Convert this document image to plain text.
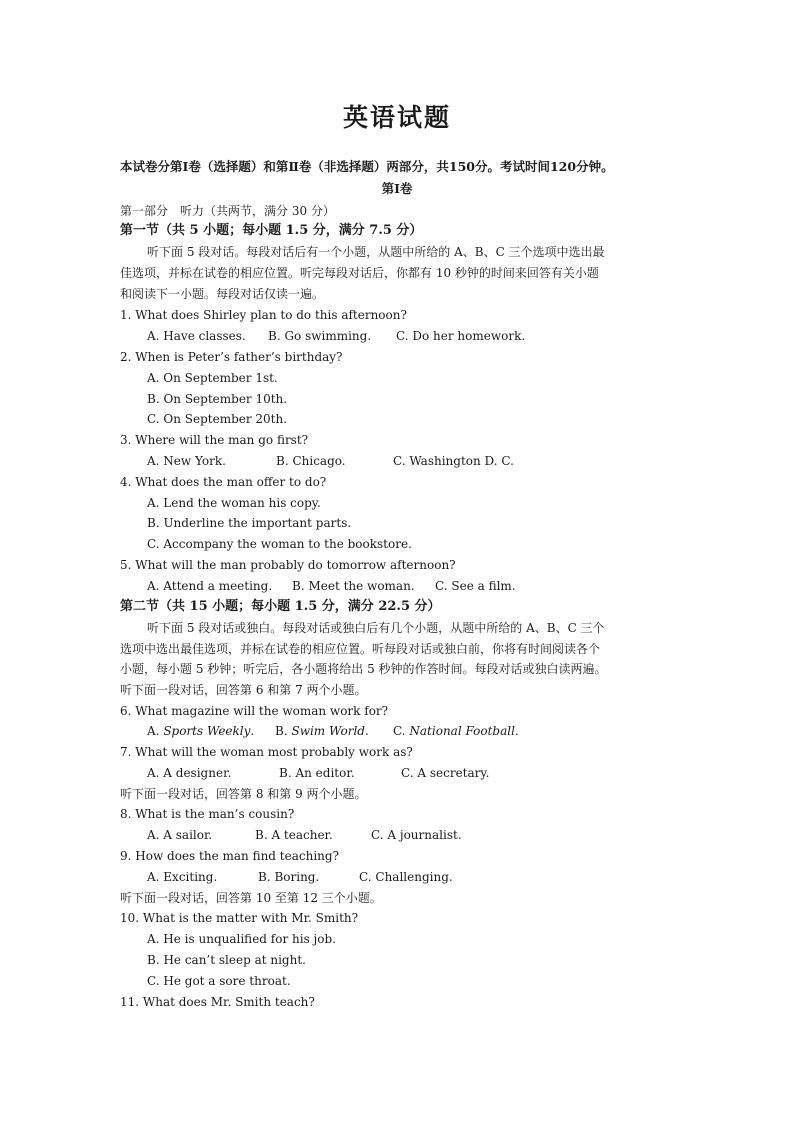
英语试题
本试卷分第Ⅰ卷（选择题）和第Ⅱ卷（非选择题）两部分，共150分。考试时间120分钟。
第Ⅰ卷
第一部分　听力（共两节，满分 30 分）
第一节（共 5 小题；每小题 1.5 分，满分 7.5 分）
听下面 5 段对话。每段对话后有一个小题，从题中所给的 A、B、C 三个选项中选出最
佳选项，并标在试卷的相应位置。听完每段对话后，你都有 10 秒钟的时间来回答有关小题
和阅读下一小题。每段对话仅读一遍。
1. What does Shirley plan to do this afternoon?
A. Have classes. B. Go swimming. C. Do her homework.
2. When is Peter’s father’s birthday?
A. On September 1st.
B. On September 10th.
C. On September 20th.
3. Where will the man go first?
A. New York.	B. Chicago.	C. Washington D. C.
4. What does the man offer to do?
A. Lend the woman his copy.
B. Underline the important parts.
C. Accompany the woman to the bookstore.
5. What will the man probably do tomorrow afternoon?
A. Attend a meeting. B. Meet the woman. C. See a film.
第二节（共 15 小题；每小题 1.5 分，满分 22.5 分）
听下面 5 段对话或独白。每段对话或独白后有几个小题，从题中所给的 A、B、C 三个
选项中选出最佳选项，并标在试卷的相应位置。听每段对话或独白前，你将有时间阅读各个
小题，每小题 5 秒钟；听完后，各小题将给出 5 秒钟的作答时间。每段对话或独白读两遍。
听下面一段对话，回答第 6 和第 7 两个小题。
6. What magazine will the woman work for?
A. Sports Weekly. B. Swim World. C. National Football.
7. What will the woman most probably work as?
A. A designer.	B. An editor.	C. A secretary.
听下面一段对话，回答第 8 和第 9 两个小题。
8. What is the man’s cousin?
A. A sailor.	B. A teacher.	C. A journalist.
9. How does the man find teaching?
A. Exciting.	B. Boring.	C. Challenging.
听下面一段对话，回答第 10 至第 12 三个小题。
10. What is the matter with Mr. Smith?
A. He is unqualified for his job.
B. He can’t sleep at night.
C. He got a sore throat.
11. What does Mr. Smith teach?
